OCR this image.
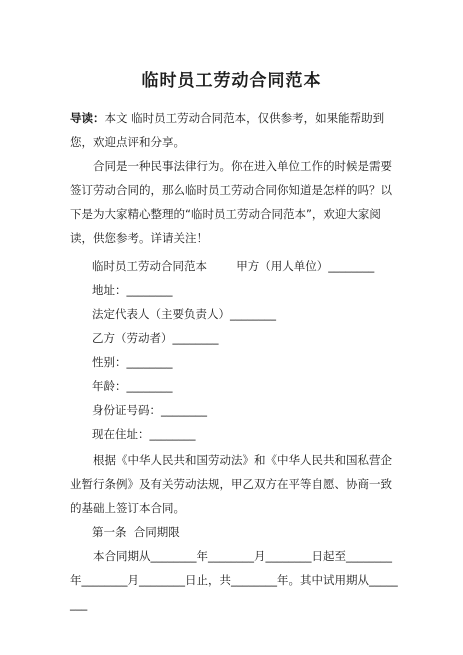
临时员工劳动合同范本

导读：本文 临时员工劳动合同范本，仅供参考，如果能帮助到您，欢迎点评和分享。

合同是一种民事法律行为。你在进入单位工作的时候是需要签订劳动合同的，那么临时员工劳动合同你知道是怎样的吗？以下是为大家精心整理的“临时员工劳动合同范本”，欢迎大家阅读，供您参考。详请关注！

临时员工劳动合同范本        甲方（用人单位）________
地址：________
法定代表人（主要负责人）________
乙方（劳动者）________
性别：________
年龄：________
身份证号码：________
现在住址：________

根据《中华人民共和国劳动法》和《中华人民共和国私营企业暂行条例》及有关劳动法规，甲乙双方在平等自愿、协商一致的基础上签订本合同。

第一条  合同期限

本合同期从________年________月________日起至________年________月________日止，共________年。其中试用期从________
